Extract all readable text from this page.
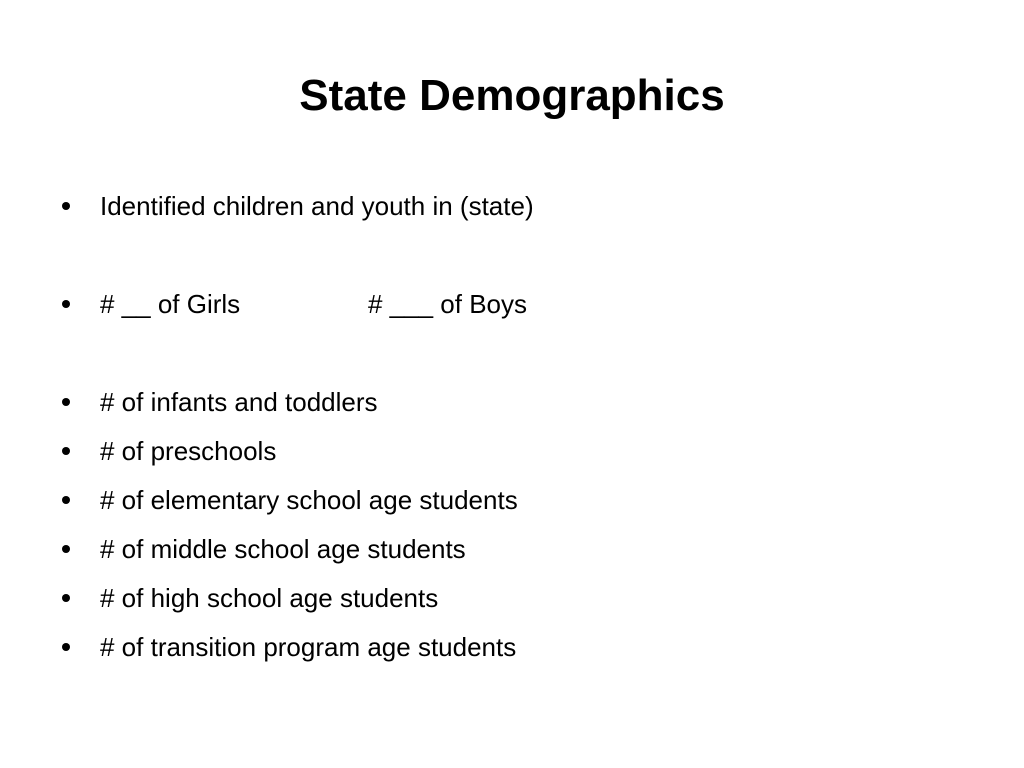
State Demographics
Identified children and youth in (state)
# __ of Girls	# ___ of Boys
# of infants and toddlers
# of preschools
# of elementary school age students
# of middle school age students
# of high school age students
# of transition program age students
